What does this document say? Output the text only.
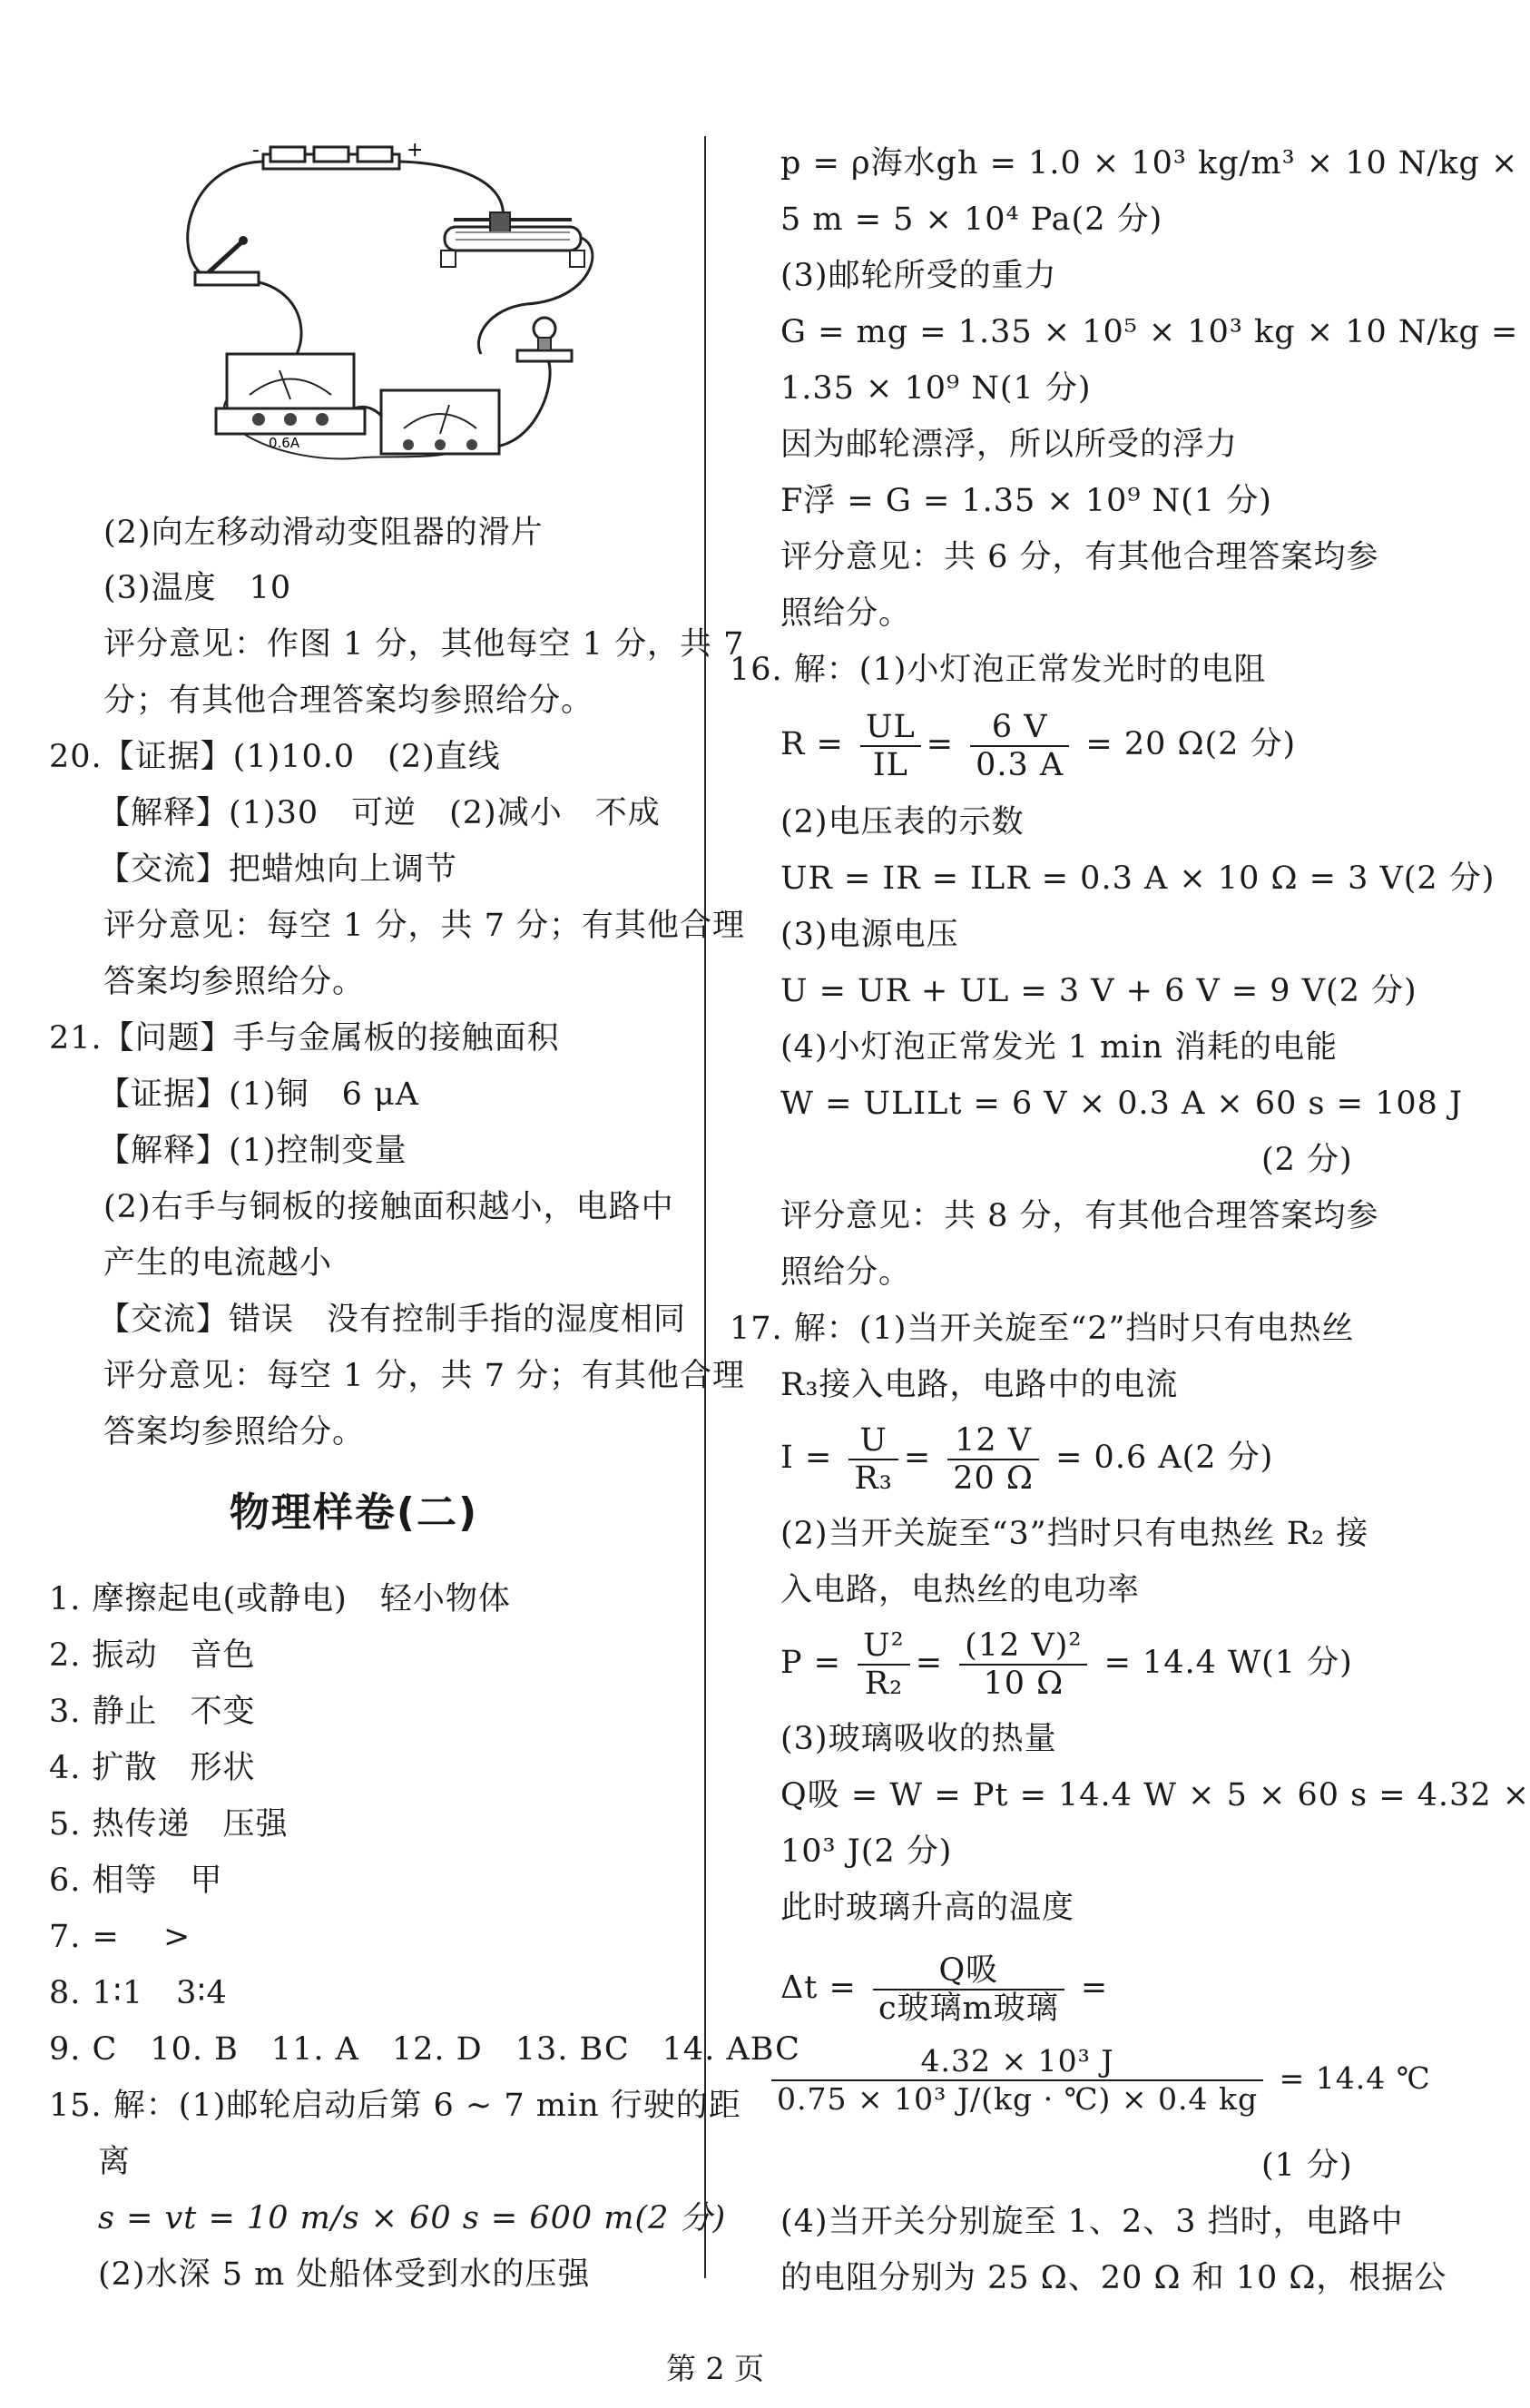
-	+
0.6A
(2)向左移动滑动变阻器的滑片
(3)温度　10
评分意见：作图 1 分，其他每空 1 分，共 7
分；有其他合理答案均参照给分。
20.【证据】(1)10.0　(2)直线
【解释】(1)30　可逆　(2)减小　不成
【交流】把蜡烛向上调节
评分意见：每空 1 分，共 7 分；有其他合理
答案均参照给分。
21.【问题】手与金属板的接触面积
【证据】(1)铜　6 μA
【解释】(1)控制变量
(2)右手与铜板的接触面积越小，电路中
产生的电流越小
【交流】错误　没有控制手指的湿度相同
评分意见：每空 1 分，共 7 分；有其他合理
答案均参照给分。
物理样卷(二)
1. 摩擦起电(或静电)　轻小物体
2. 振动　音色
3. 静止　不变
4. 扩散　形状
5. 热传递　压强
6. 相等　甲
7. =　 >
8. 1∶1　3∶4
9. C　10. B　11. A　12. D　13. BC　14. ABC
15. 解：(1)邮轮启动后第 6 ~ 7 min 行驶的距
离
s = vt = 10 m/s × 60 s = 600 m(2 分)
(2)水深 5 m 处船体受到水的压强
p = ρ海水gh = 1.0 × 10³ kg/m³ × 10 N/kg ×
5 m = 5 × 10⁴ Pa(2 分)
(3)邮轮所受的重力
G = mg = 1.35 × 10⁵ × 10³ kg × 10 N/kg =
1.35 × 10⁹ N(1 分)
因为邮轮漂浮，所以所受的浮力
F浮 = G = 1.35 × 10⁹ N(1 分)
评分意见：共 6 分，有其他合理答案均参
照给分。
16. 解：(1)小灯泡正常发光时的电阻
$R = \frac{UL}{IL} = \frac{6 V}{0.3 A} = 20$ Ω(2 分)
(2)电压表的示数
UR = IR = ILR = 0.3 A × 10 Ω = 3 V(2 分)
(3)电源电压
U = UR + UL = 3 V + 6 V = 9 V(2 分)
(4)小灯泡正常发光 1 min 消耗的电能
W = ULILt = 6 V × 0.3 A × 60 s = 108 J
(2 分)
评分意见：共 8 分，有其他合理答案均参
照给分。
17. 解：(1)当开关旋至“2”挡时只有电热丝
R₃接入电路，电路中的电流
$I = \frac{U}{\text{R₃}} = \frac{12 V}{20 \Omega} = 0.6$ A(2 分)
(2)当开关旋至“3”挡时只有电热丝 R₂ 接
入电路，电热丝的电功率
$P = \frac{\text{U²}}{\text{R₂}} = \frac{\text{(12 V)²}}{10 \Omega} = 14.4$ W(1 分)
(3)玻璃吸收的热量
Q吸 = W = Pt = 14.4 W × 5 × 60 s = 4.32 ×
10³ J(2 分)
此时玻璃升高的温度
$\Delta t = \frac{\text{Q吸}}{\text{c玻璃m玻璃}}$ =
$\frac{\text{4.32 × 10³ J}}{\text{0.75 × 10³ J/(kg · ℃) × 0.4 kg}} = 14.4$ ℃
(1 分)
(4)当开关分别旋至 1、2、3 挡时，电路中
的电阻分别为 25 Ω、20 Ω 和 10 Ω，根据公
第 2 页
